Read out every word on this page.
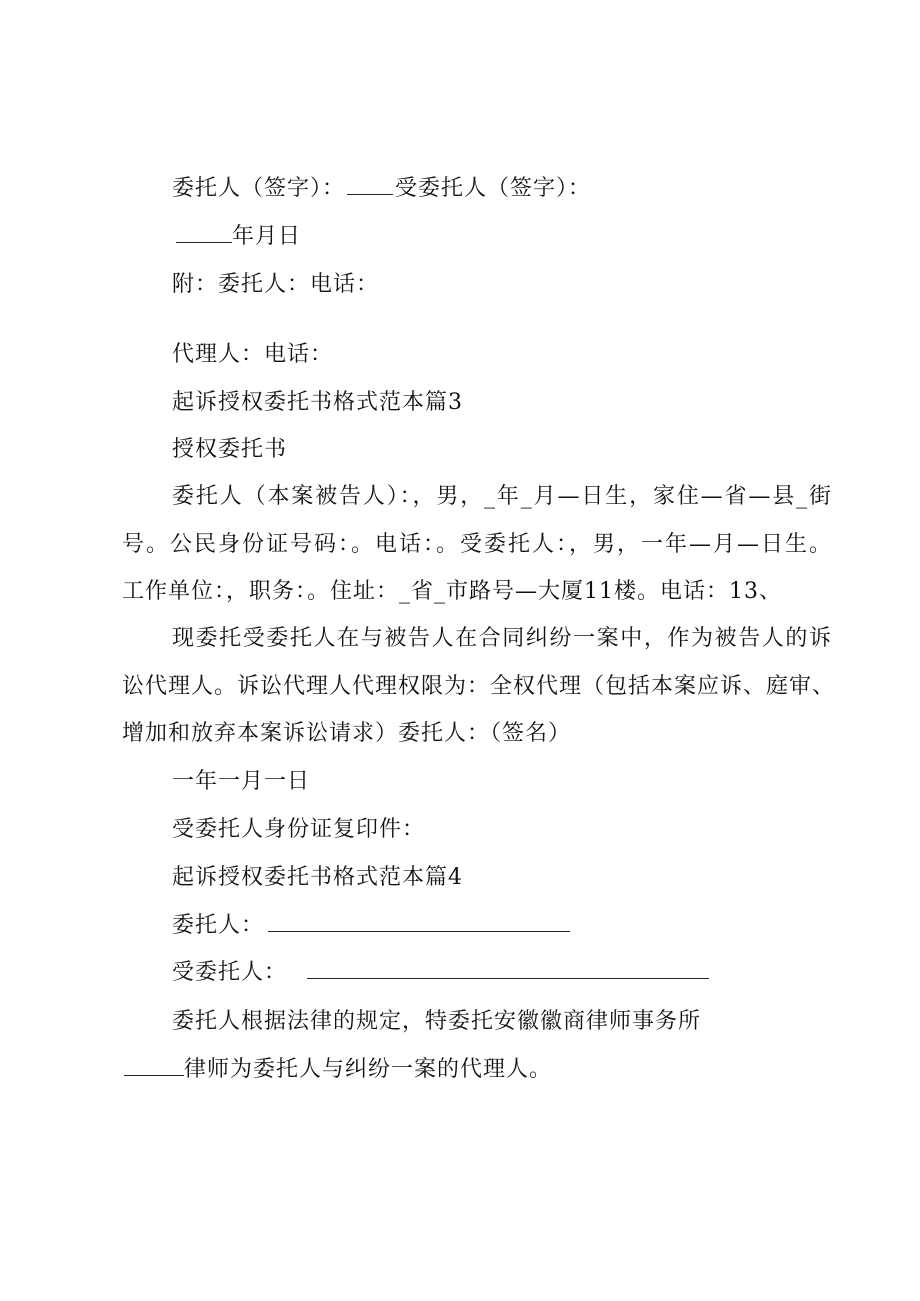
委托人（签字）： 受委托人（签字）：
年月日
附：委托人：电话：
代理人：电话：
起诉授权委托书格式范本篇3
授权委托书
委托人（本案被告人）：，男，_年_月—日生，家住—省—县_街
号。公民身份证号码：。电话：。受委托人：，男，一年—月—日生。
工作单位：，职务：。住址：_省_市路号—大厦11楼。电话：13、
现委托受委托人在与被告人在合同纠纷一案中，作为被告人的诉
讼代理人。诉讼代理人代理权限为：全权代理（包括本案应诉、庭审、
增加和放弃本案诉讼请求）委托人：（签名）
一年一月一日
受委托人身份证复印件：
起诉授权委托书格式范本篇4
委托人：
受委托人：
委托人根据法律的规定，特委托安徽徽商律师事务所
律师为委托人与纠纷一案的代理人。
